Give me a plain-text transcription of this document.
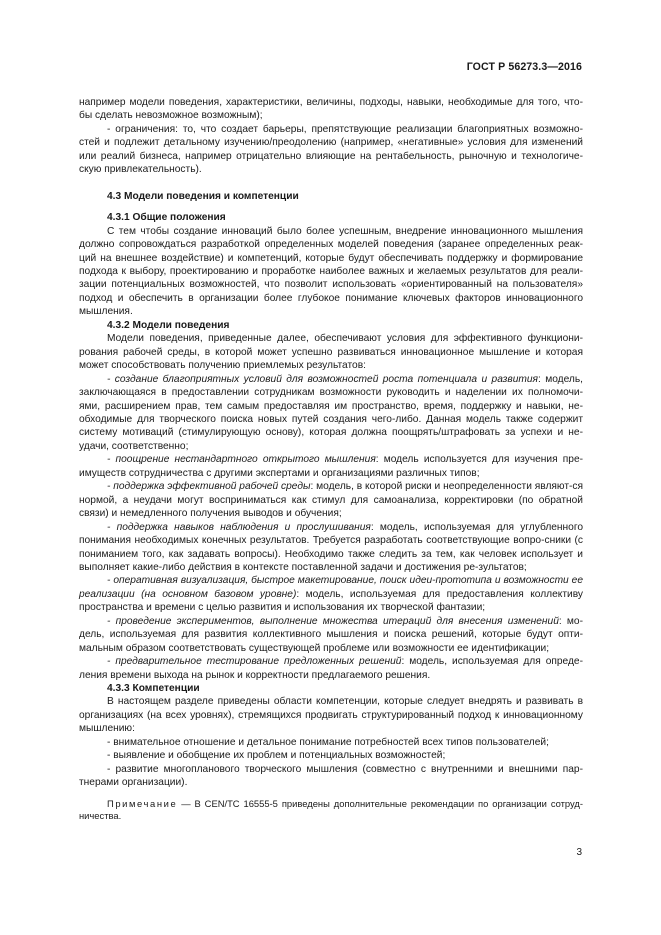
ГОСТ Р 56273.3—2016

например модели поведения, характеристики, величины, подходы, навыки, необходимые для того, что-бы сделать невозможное возможным);

- ограничения: то, что создает барьеры, препятствующие реализации благоприятных возможно-стей и подлежит детальному изучению/преодолению (например, «негативные» условия для изменений или реалий бизнеса, например отрицательно влияющие на рентабельность, рыночную и технологиче-скую привлекательность).

4.3 Модели поведения и компетенции

4.3.1 Общие положения

С тем чтобы создание инноваций было более успешным, внедрение инновационного мышления должно сопровождаться разработкой определенных моделей поведения (заранее определенных реак-ций на внешнее воздействие) и компетенций, которые будут обеспечивать поддержку и формирование подхода к выбору, проектированию и проработке наиболее важных и желаемых результатов для реали-зации потенциальных возможностей, что позволит использовать «ориентированный на пользователя» подход и обеспечить в организации более глубокое понимание ключевых факторов инновационного мышления.

4.3.2 Модели поведения

Модели поведения, приведенные далее, обеспечивают условия для эффективного функциони-рования рабочей среды, в которой может успешно развиваться инновационное мышление и которая может способствовать получению приемлемых результатов:

- создание благоприятных условий для возможностей роста потенциала и развития: модель, заключающаяся в предоставлении сотрудникам возможности руководить и наделении их полномочи-ями, расширением прав, тем самым предоставляя им пространство, время, поддержку и навыки, не-обходимые для творческого поиска новых путей создания чего-либо. Данная модель также содержит систему мотиваций (стимулирующую основу), которая должна поощрять/штрафовать за успехи и не-удачи, соответственно;

- поощрение нестандартного открытого мышления: модель используется для изучения пре-имуществ сотрудничества с другими экспертами и организациями различных типов;

- поддержка эффективной рабочей среды: модель, в которой риски и неопределенности являют-ся нормой, а неудачи могут восприниматься как стимул для самоанализа, корректировки (по обратной связи) и немедленного получения выводов и обучения;

- поддержка навыков наблюдения и прослушивания: модель, используемая для углубленного понимания необходимых конечных результатов. Требуется разработать соответствующие вопро-сники (с пониманием того, как задавать вопросы). Необходимо также следить за тем, как человек использует и выполняет какие-либо действия в контексте поставленной задачи и достижения ре-зультатов;

- оперативная визуализация, быстрое макетирование, поиск идеи-прототипа и возможности ее реализации (на основном базовом уровне): модель, используемая для предоставления коллективу пространства и времени с целью развития и использования их творческой фантазии;

- проведение экспериментов, выполнение множества итераций для внесения изменений: мо-дель, используемая для развития коллективного мышления и поиска решений, которые будут опти-мальным образом соответствовать существующей проблеме или возможности ее идентификации;

- предварительное тестирование предложенных решений: модель, используемая для опреде-ления времени выхода на рынок и корректности предлагаемого решения.

4.3.3 Компетенции

В настоящем разделе приведены области компетенции, которые следует внедрять и развивать в организациях (на всех уровнях), стремящихся продвигать структурированный подход к инновационному мышлению:

- внимательное отношение и детальное понимание потребностей всех типов пользователей;

- выявление и обобщение их проблем и потенциальных возможностей;

- развитие многопланового творческого мышления (совместно с внутренними и внешними пар-тнерами организации).

Примечание — В CEN/TC 16555-5 приведены дополнительные рекомендации по организации сотруд-ничества.

3
